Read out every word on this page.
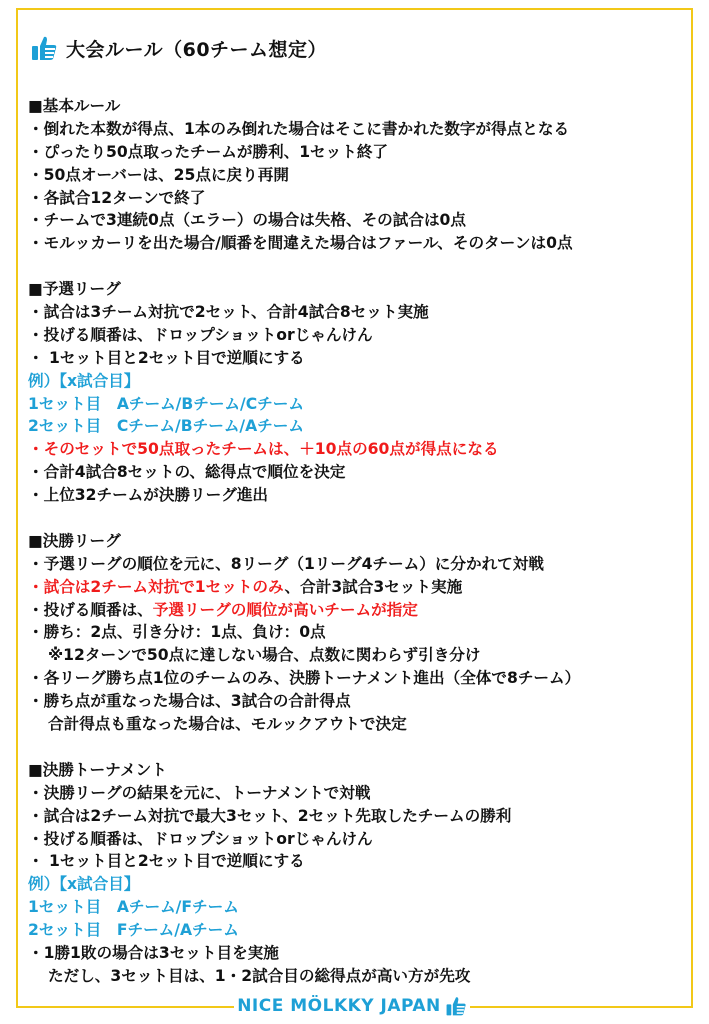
大会ルール（60チーム想定）
■基本ルール
・倒れた本数が得点、1本のみ倒れた場合はそこに書かれた数字が得点となる
・ぴったり50点取ったチームが勝利、1セット終了
・50点オーバーは、25点に戻り再開
・各試合12ターンで終了
・チームで3連続0点（エラー）の場合は失格、その試合は0点
・モルッカーリを出た場合/順番を間違えた場合はファール、そのターンは0点
■予選リーグ
・試合は3チーム対抗で2セット、合計4試合8セット実施
・投げる順番は、ドロップショットorじゃんけん
・ 1セット目と2セット目で逆順にする
例）【x試合目】
1セット目　Aチーム/Bチーム/Cチーム
2セット目　Cチーム/Bチーム/Aチーム
・そのセットで50点取ったチームは、＋10点の60点が得点になる
・合計4試合8セットの、総得点で順位を決定
・上位32チームが決勝リーグ進出
■決勝リーグ
・予選リーグの順位を元に、8リーグ（1リーグ4チーム）に分かれて対戦
・試合は2チーム対抗で1セットのみ、合計3試合3セット実施
・投げる順番は、予選リーグの順位が高いチームが指定
・勝ち：2点、引き分け：1点、負け：0点
※12ターンで50点に達しない場合、点数に関わらず引き分け
・各リーグ勝ち点1位のチームのみ、決勝トーナメント進出（全体で8チーム）
・勝ち点が重なった場合は、3試合の合計得点
合計得点も重なった場合は、モルックアウトで決定
■決勝トーナメント
・決勝リーグの結果を元に、トーナメントで対戦
・試合は2チーム対抗で最大3セット、2セット先取したチームの勝利
・投げる順番は、ドロップショットorじゃんけん
・ 1セット目と2セット目で逆順にする
例）【x試合目】
1セット目　Aチーム/Fチーム
2セット目　Fチーム/Aチーム
・1勝1敗の場合は3セット目を実施
ただし、3セット目は、1・2試合目の総得点が高い方が先攻
NICE MÖLKKY JAPAN
